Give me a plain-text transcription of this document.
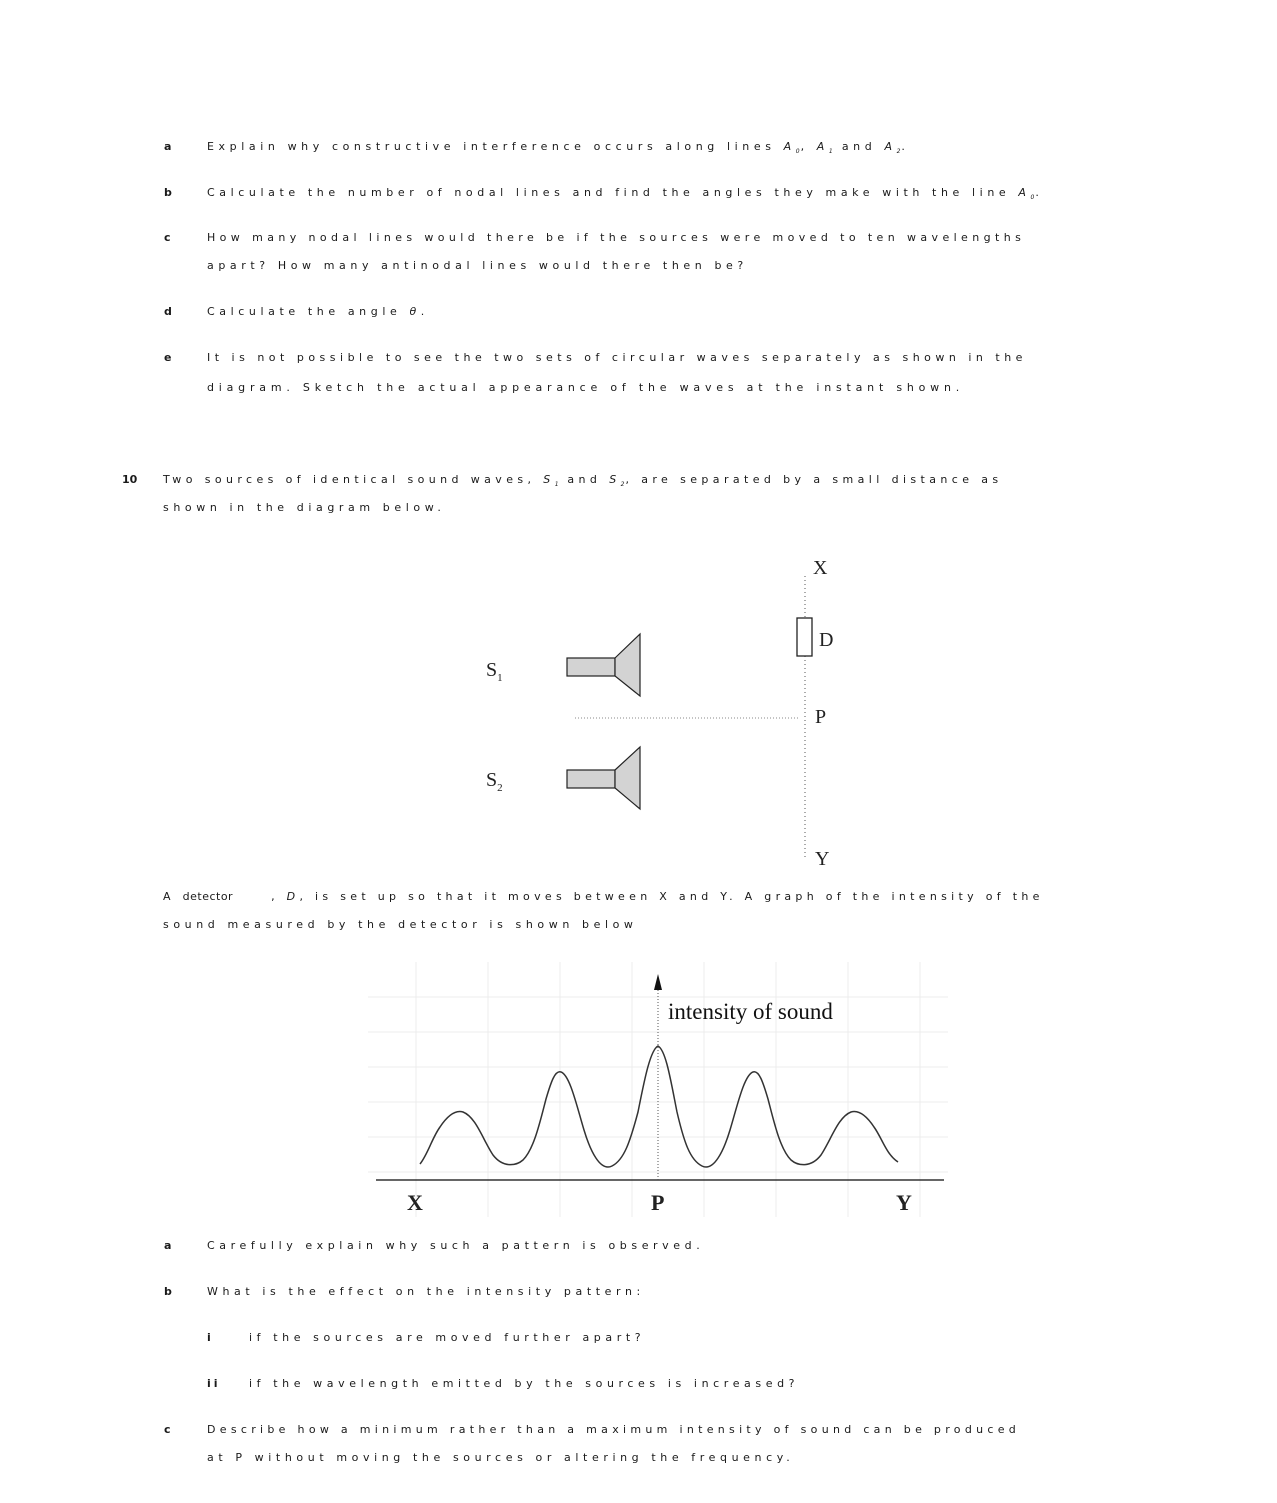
a	Explain why constructive interference occurs along lines $A_0$, $A_1$ and $A_2$.
b	Calculate the number of nodal lines and find the angles they make with the line $A_0$.
c	How many nodal lines would there be if the sources were moved to ten wavelengths
apart? How many antinodal lines would there then be?
d	Calculate the angle θ.
e	It is not possible to see the two sets of circular waves separately as shown in the
diagram. Sketch the actual appearance of the waves at the instant shown.
10 Two sources of identical sound waves, $S_1$ and $S_2$, are separated by a small distance as
shown in the diagram below.
X
D
P
Y
$S_1$
$S_2$
A detector	, D, is set up so that it moves between X and Y. A graph of the intensity of the
sound measured by the detector is shown below
intensity of sound
X	P	Y
a	Carefully explain why such a pattern is observed.
b	What is the effect on the intensity pattern:
i	if the sources are moved further apart?
ii	if the wavelength emitted by the sources is increased?
c	Describe how a minimum rather than a maximum intensity of sound can be produced
at P without moving the sources or altering the frequency.
